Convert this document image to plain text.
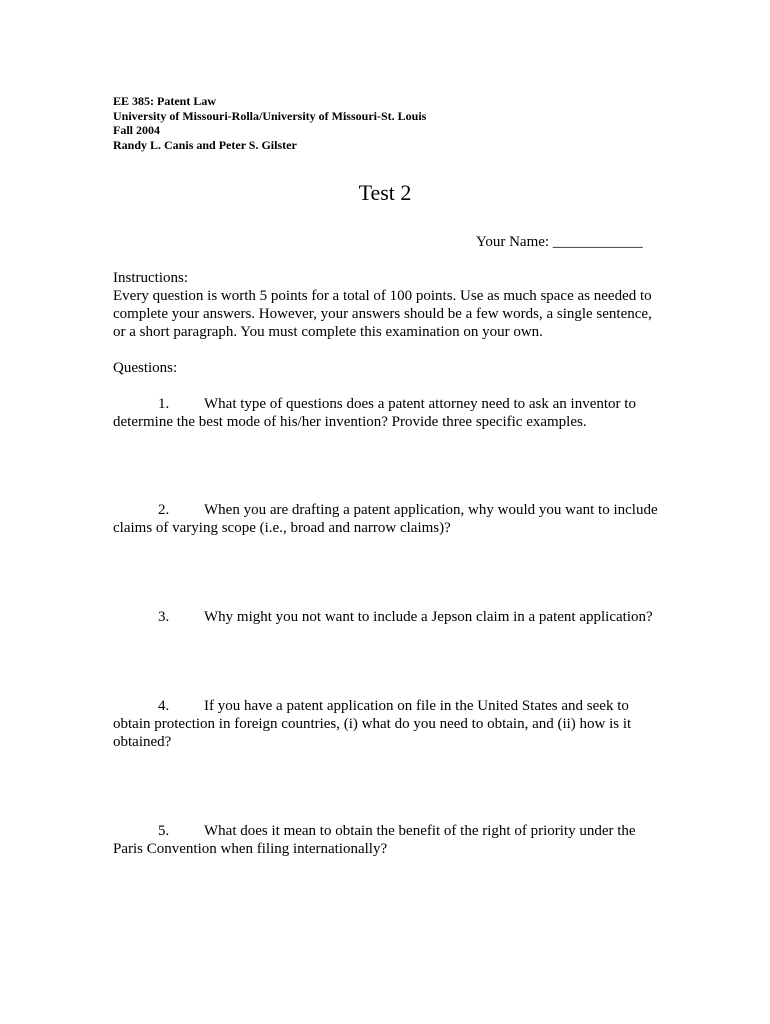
EE 385: Patent Law
University of Missouri-Rolla/University of Missouri-St. Louis
Fall 2004
Randy L. Canis and Peter S. Gilster
Test 2
Your Name: ____________
Instructions:
Every question is worth 5 points for a total of 100 points. Use as much space as needed to complete your answers. However, your answers should be a few words, a single sentence, or a short paragraph. You must complete this examination on your own.
Questions:
1. What type of questions does a patent attorney need to ask an inventor to determine the best mode of his/her invention? Provide three specific examples.
2. When you are drafting a patent application, why would you want to include claims of varying scope (i.e., broad and narrow claims)?
3. Why might you not want to include a Jepson claim in a patent application?
4. If you have a patent application on file in the United States and seek to obtain protection in foreign countries, (i) what do you need to obtain, and (ii) how is it obtained?
5. What does it mean to obtain the benefit of the right of priority under the Paris Convention when filing internationally?
